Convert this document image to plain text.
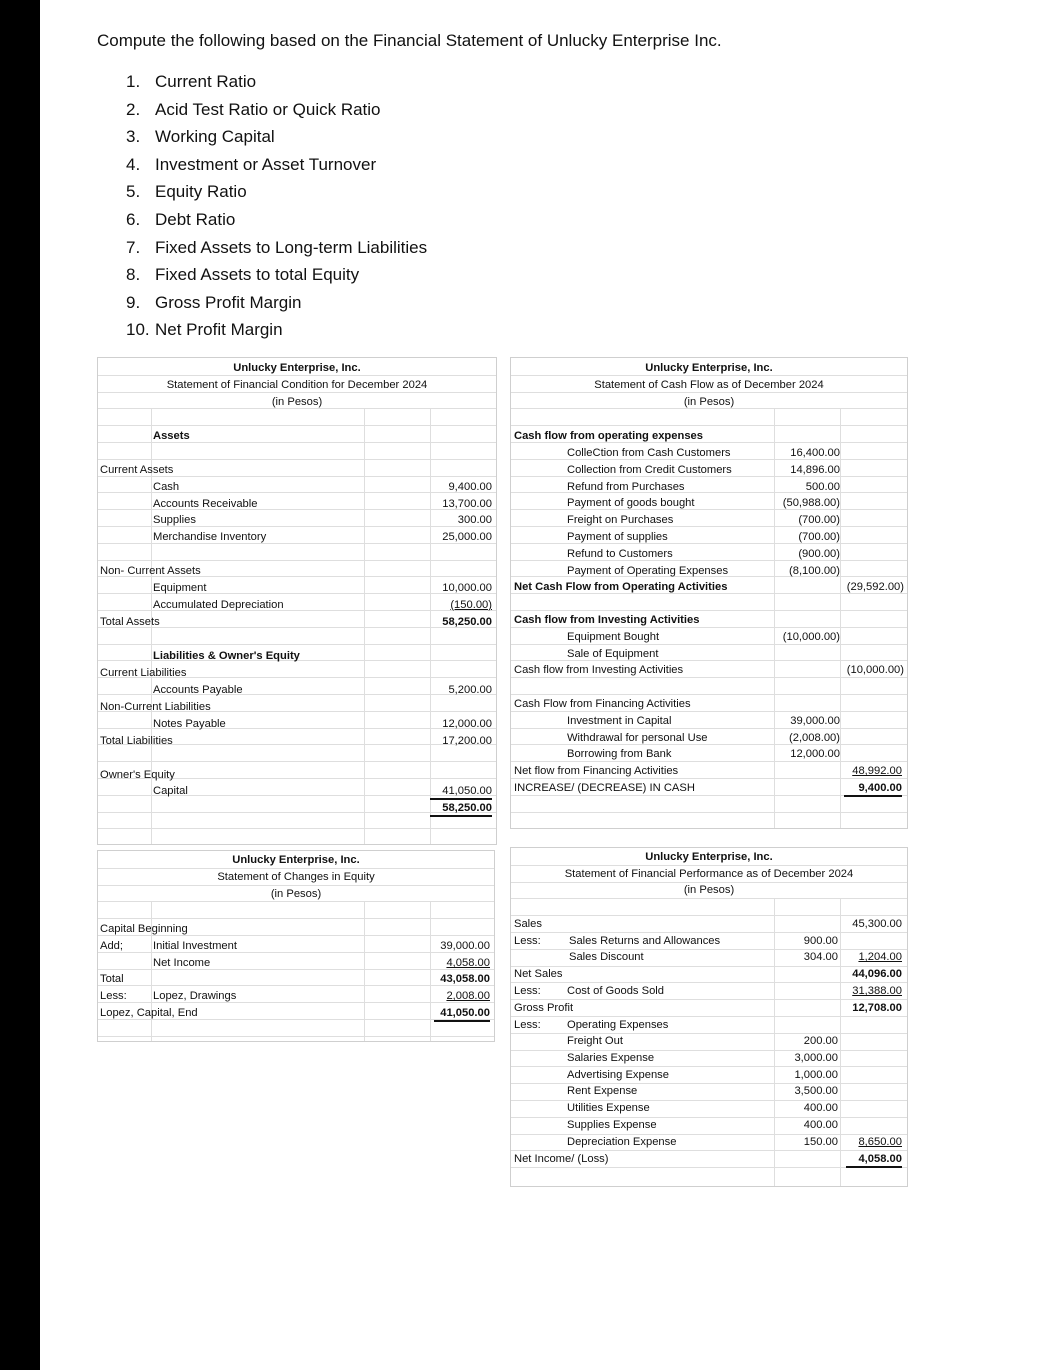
Compute the following based on the Financial Statement of Unlucky Enterprise Inc.
1. Current Ratio
2. Acid Test Ratio or Quick Ratio
3. Working Capital
4. Investment or Asset Turnover
5. Equity Ratio
6. Debt Ratio
7. Fixed Assets to Long-term Liabilities
8. Fixed Assets to total Equity
9. Gross Profit Margin
10. Net Profit Margin
Unlucky Enterprise, Inc.
Statement of Financial Condition for December 2024
(in Pesos)
Assets
Current Assets
Cash	9,400.00
Accounts Receivable	13,700.00
Supplies	300.00
Merchandise Inventory	25,000.00
Non- Current Assets
Equipment	10,000.00
Accumulated Depreciation	(150.00)
Total Assets	58,250.00
Liabilities & Owner's Equity
Current Liabilities
Accounts Payable	5,200.00
Non-Current Liabilities
Notes Payable	12,000.00
Total Liabilities	17,200.00
Owner's Equity
Capital	41,050.00
58,250.00
Unlucky Enterprise, Inc.
Statement of Cash Flow as of December 2024
(in Pesos)
Cash flow from operating expenses
ColleCtion from Cash Customers	16,400.00
Collection from Credit Customers	14,896.00
Refund from Purchases	500.00
Payment of goods bought	(50,988.00)
Freight on Purchases	(700.00)
Payment of supplies	(700.00)
Refund to Customers	(900.00)
Payment of Operating Expenses	(8,100.00)
Net Cash Flow from Operating Activities	(29,592.00)
Cash flow from Investing Activities
Equipment Bought	(10,000.00)
Sale of Equipment
Cash flow from Investing Activities	(10,000.00)
Cash Flow from Financing Activities
Investment in Capital	39,000.00
Withdrawal for personal Use	(2,008.00)
Borrowing from Bank	12,000.00
Net flow from Financing Activities	48,992.00
INCREASE/ (DECREASE) IN CASH	9,400.00
Unlucky Enterprise, Inc.
Statement of Changes in Equity
(in Pesos)
Capital Beginning
Add;	Initial Investment	39,000.00
Net Income	4,058.00
Total	43,058.00
Less: Lopez, Drawings	2,008.00
Lopez, Capital, End	41,050.00
Unlucky Enterprise, Inc.
Statement of Financial Performance as of December 2024
(in Pesos)
Sales	45,300.00
Less:	Sales Returns and Allowances	900.00
Sales Discount	304.00 1,204.00
Net Sales	44,096.00
Less: Cost of Goods Sold	31,388.00
Gross Profit	12,708.00
Less: Operating Expenses
Freight Out	200.00
Salaries Expense	3,000.00
Advertising Expense	1,000.00
Rent Expense	3,500.00
Utilities Expense	400.00
Supplies Expense	400.00
Depreciation Expense	150.00 8,650.00
Net Income/ (Loss)	4,058.00
